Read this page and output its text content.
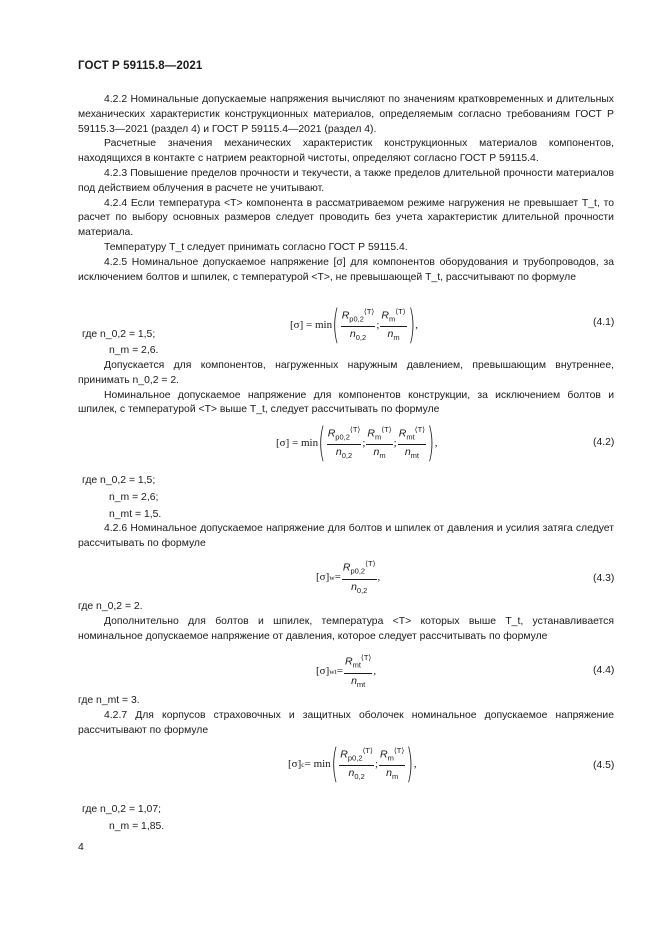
ГОСТ Р 59115.8—2021

4.2.2 Номинальные допускаемые напряжения вычисляют по значениям кратковременных и длительных механических характеристик конструкционных материалов, определяемым согласно требованиям ГОСТ Р 59115.3—2021 (раздел 4) и ГОСТ Р 59115.4—2021 (раздел 4).

Расчетные значения механических характеристик конструкционных материалов компонентов, находящихся в контакте с натрием реакторной чистоты, определяют согласно ГОСТ Р 59115.4.

4.2.3 Повышение пределов прочности и текучести, а также пределов длительной прочности материалов под действием облучения в расчете не учитывают.

4.2.4 Если температура <T> компонента в рассматриваемом режиме нагружения не превышает T_t, то расчет по выбору основных размеров следует проводить без учета характеристик длительной прочности материала.

Температуру T_t следует принимать согласно ГОСТ Р 59115.4.

4.2.5 Номинальное допускаемое напряжение [σ] для компонентов оборудования и трубопроводов, за исключением болтов и шпилек, с температурой <T>, не превышающей T_t, рассчитывают по формуле

[σ] = min ( $R_{p0,2}^{⟨T⟩}$
$n_{0,2}$
;
$R_m^{⟨T⟩}$
$n_m$ ) ,	(4.1)
где n_0,2 = 1,5;
n_m = 2,6.

Допускается для компонентов, нагруженных наружным давлением, превышающим внутреннее, принимать n_0,2 = 2.

Номинальное допускаемое напряжение для компонентов конструкции, за исключением болтов и шпилек, с температурой <T> выше T_t, следует рассчитывать по формуле

[σ] = min ( $R_{p0,2}^{⟨T⟩}$
$n_{0,2}$
;
$R_m^{⟨T⟩}$
$n_m$
;
$R_{mt}^{⟨T⟩}$
$n_{mt}$ ) ,	(4.2)
где n_0,2 = 1,5;
n_m = 2,6;
n_mt = 1,5.

4.2.6 Номинальное допускаемое напряжение для болтов и шпилек от давления и усилия затяга следует рассчитывать по формуле

[σ] w =
$R_{p0,2}^{⟨T⟩}$
$n_{0,2}$
,	(4.3)
где n_0,2 = 2.

Дополнительно для болтов и шпилек, температура <T> которых выше T_t, устанавливается номинальное допускаемое напряжение от давления, которое следует рассчитывать по формуле

[σ] wt =
$R_{mt}^{⟨T⟩}$
$n_{mt}$
,	(4.4)
где n_mt = 3.

4.2.7 Для корпусов страховочных и защитных оболочек номинальное допускаемое напряжение рассчитывают по формуле

[σ] c = min ( $R_{p0,2}^{⟨T⟩}$
$n_{0,2}$
;
$R_m^{⟨T⟩}$
$n_m$ ) ,	(4.5)
где n_0,2 = 1,07;
n_m = 1,85.
4
